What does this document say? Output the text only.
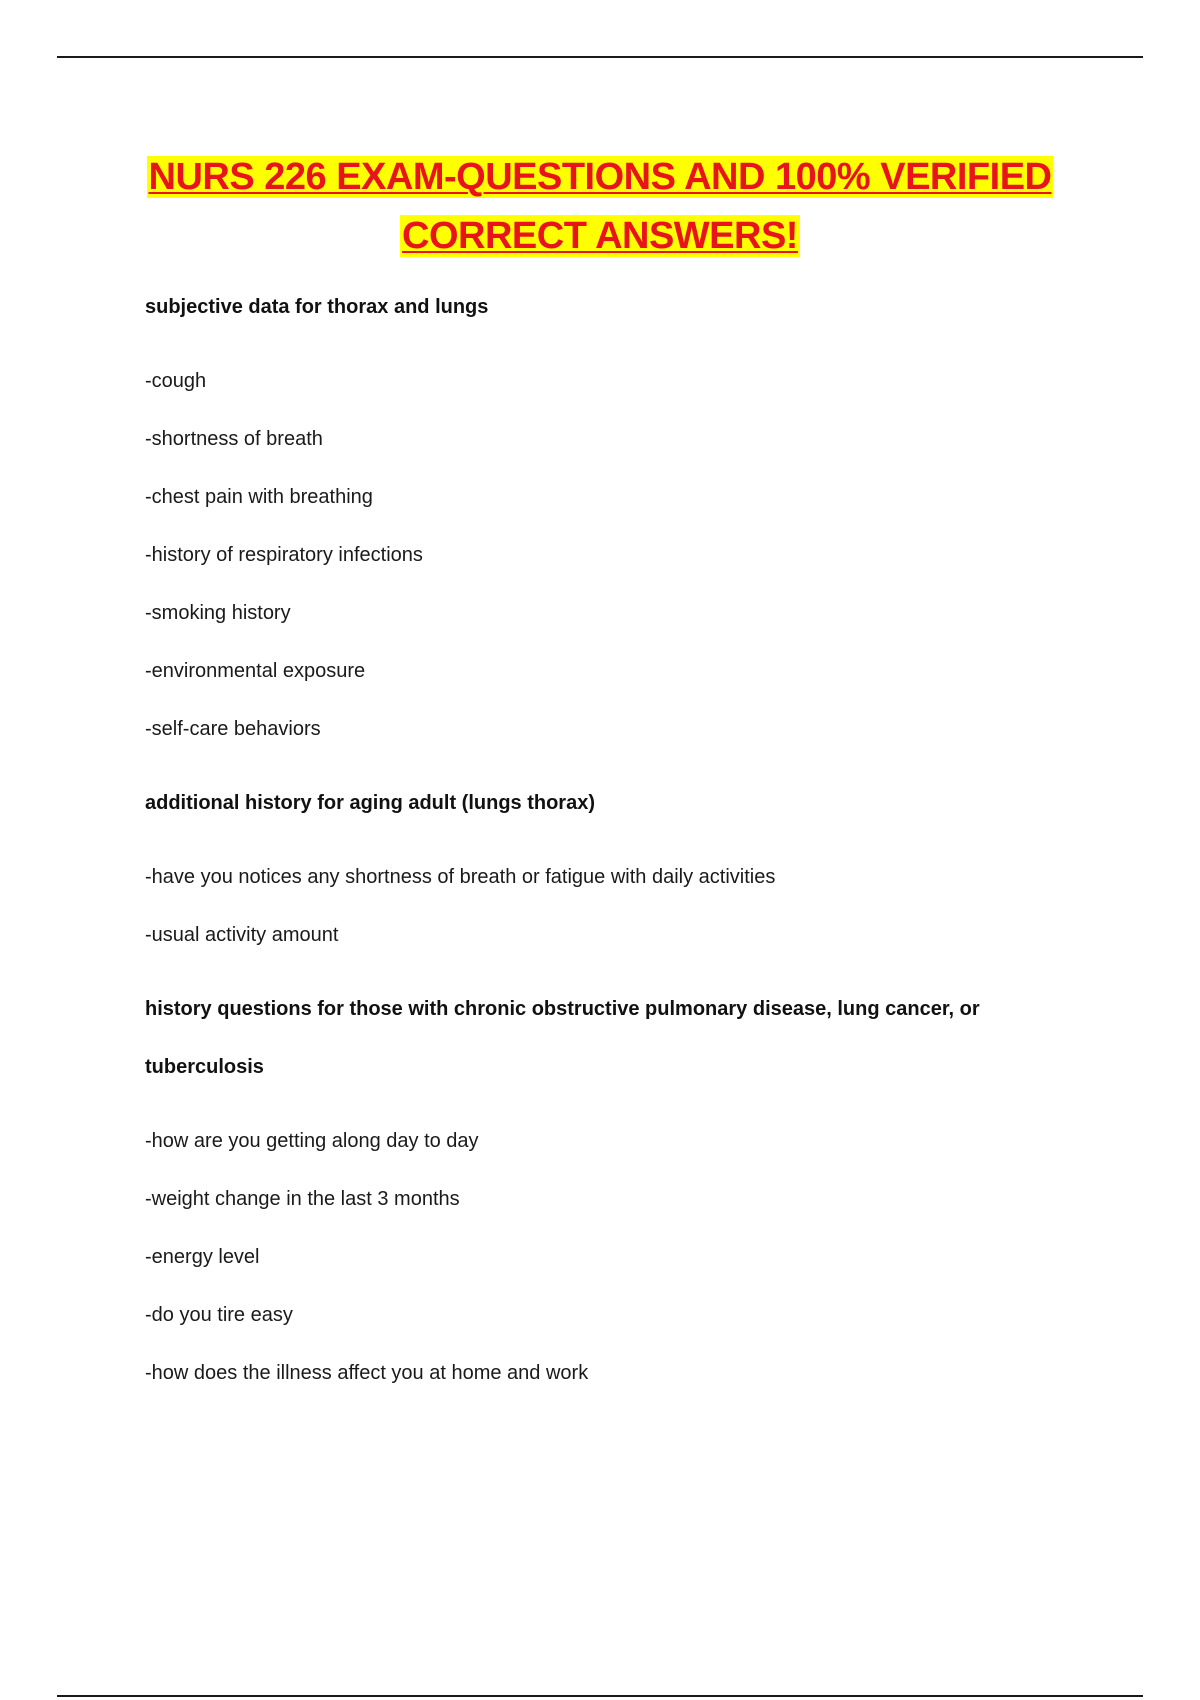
NURS 226 EXAM-QUESTIONS AND 100% VERIFIED
CORRECT ANSWERS!

subjective data for thorax and lungs

-cough

-shortness of breath

-chest pain with breathing

-history of respiratory infections

-smoking history

-environmental exposure

-self-care behaviors

additional history for aging adult (lungs thorax)

-have you notices any shortness of breath or fatigue with daily activities

-usual activity amount

history questions for those with chronic obstructive pulmonary disease, lung cancer, or tuberculosis

-how are you getting along day to day

-weight change in the last 3 months

-energy level

-do you tire easy

-how does the illness affect you at home and work
